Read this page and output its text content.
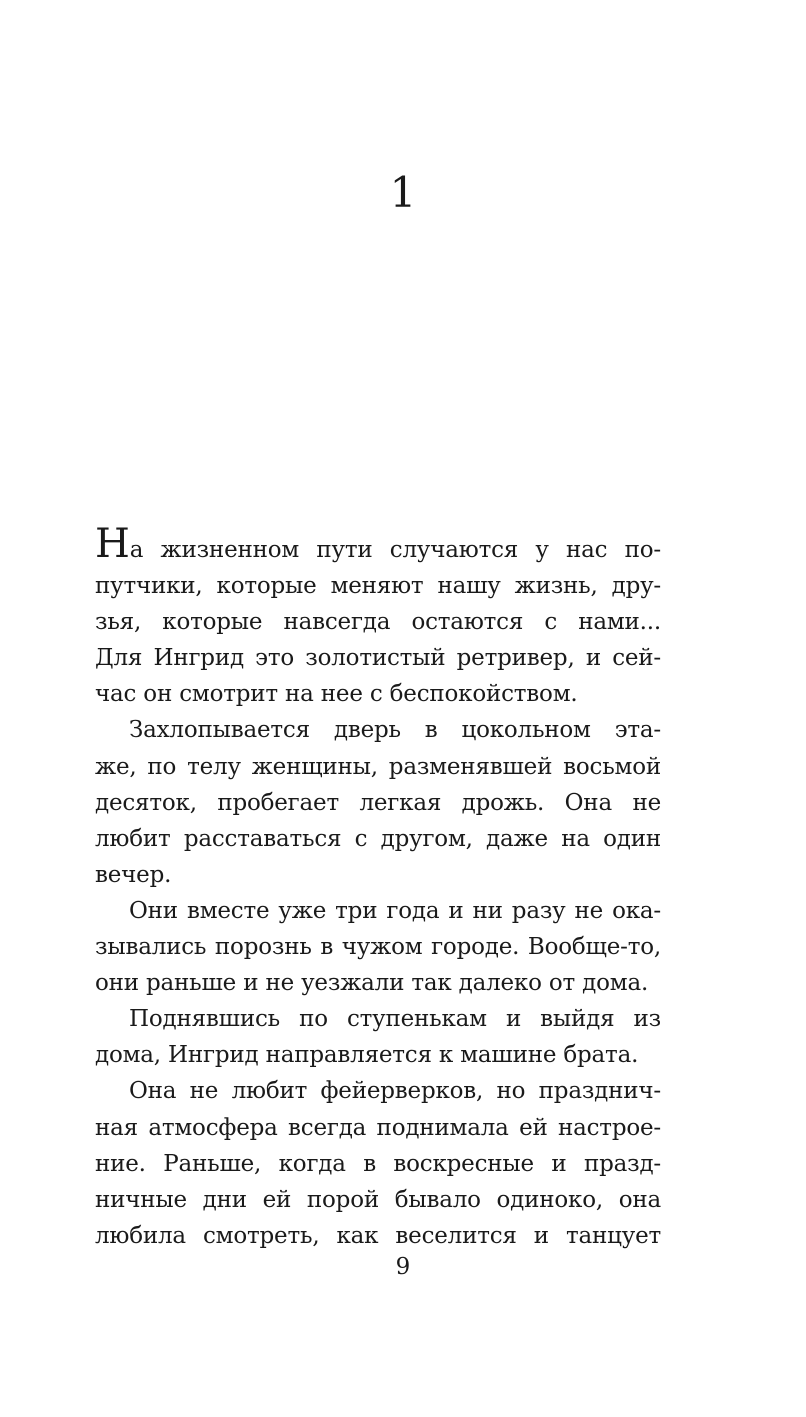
1
На жизненном пути случаются у нас по-
путчики, которые меняют нашу жизнь, дру-
зья, которые навсегда остаются с нами...
Для Ингрид это золотистый ретривер, и сей-
час он смотрит на нее с беспокойством.
Захлопывается дверь в цокольном эта-
же, по телу женщины, разменявшей восьмой
десяток, пробегает легкая дрожь. Она не
любит расставаться с другом, даже на один
вечер.
Они вместе уже три года и ни разу не ока-
зывались порознь в чужом городе. Вообще-то,
они раньше и не уезжали так далеко от дома.
Поднявшись по ступенькам и выйдя из
дома, Ингрид направляется к машине брата.
Она не любит фейерверков, но празднич-
ная атмосфера всегда поднимала ей настрое-
ние. Раньше, когда в воскресные и празд-
ничные дни ей порой бывало одиноко, она
любила смотреть, как веселится и танцует
9
